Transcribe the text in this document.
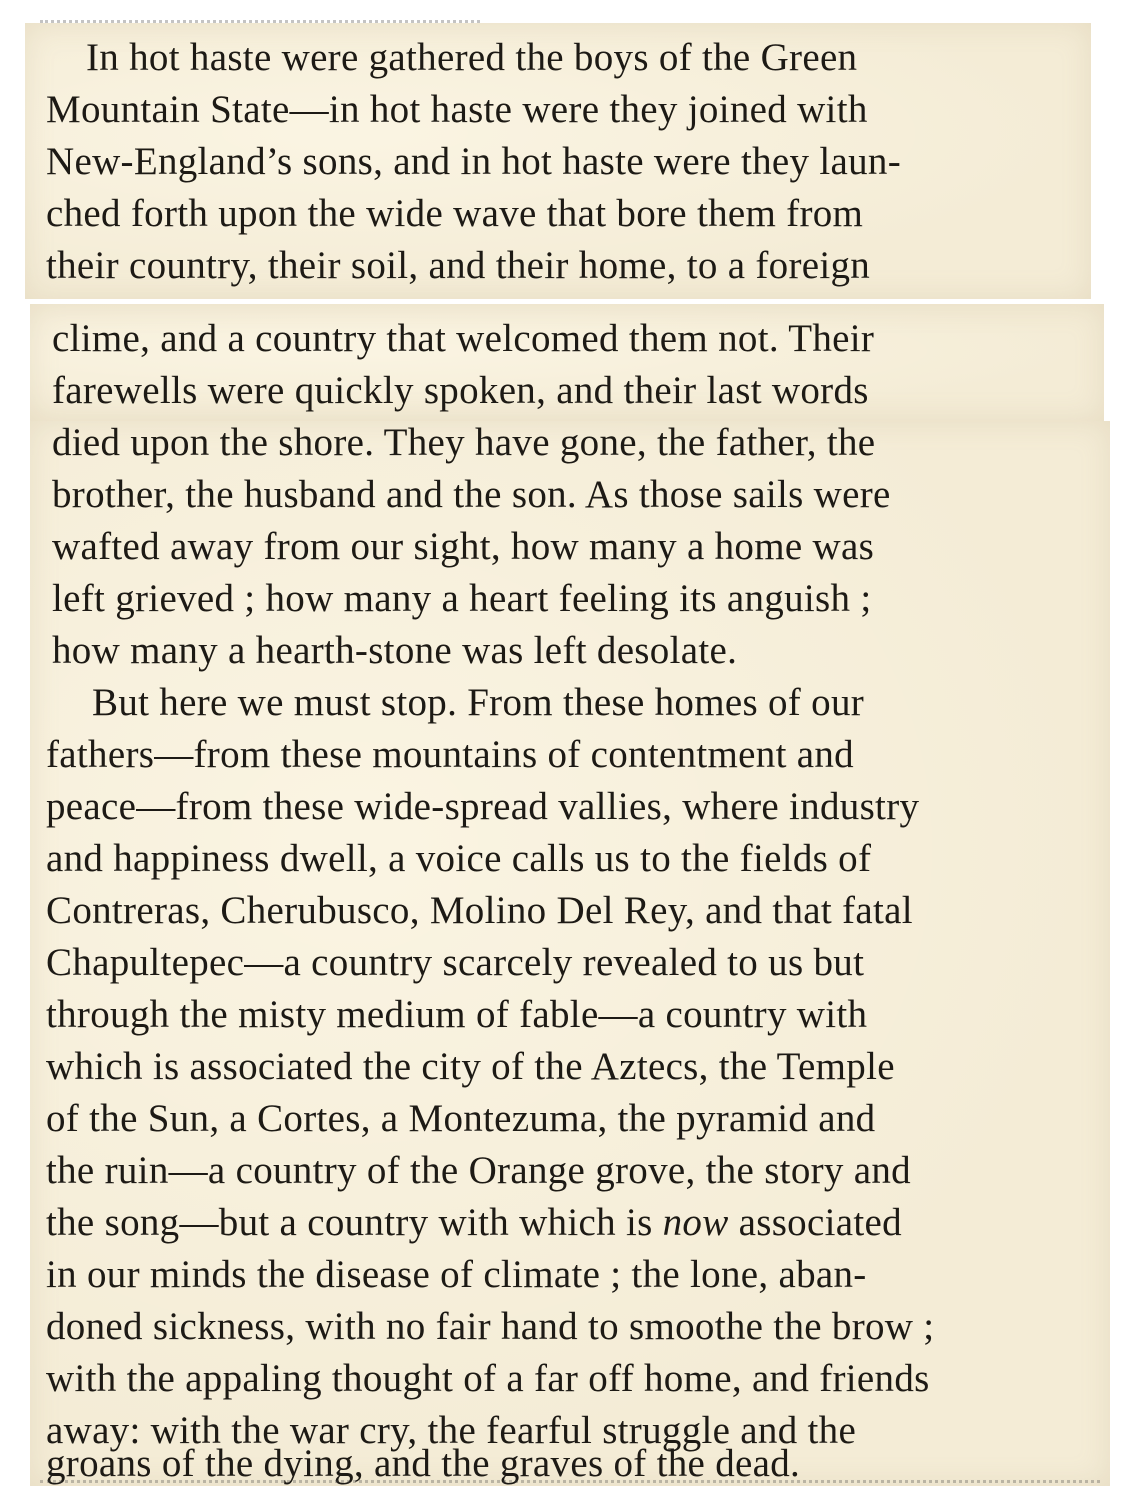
In hot haste were gathered the boys of the Green

Mountain State—in hot haste were they joined with

New-England’s sons, and in hot haste were they laun-

ched forth upon the wide wave that bore them from

their country, their soil, and their home, to a foreign

clime, and a country that welcomed them not. Their

farewells were quickly spoken, and their last words

died upon the shore. They have gone, the father, the

brother, the husband and the son. As those sails were

wafted away from our sight, how many a home was

left grieved ; how many a heart feeling its anguish ;

how many a hearth-stone was left desolate.

But here we must stop. From these homes of our

fathers—from these mountains of contentment and

peace—from these wide-spread vallies, where industry

and happiness dwell, a voice calls us to the fields of

Contreras, Cherubusco, Molino Del Rey, and that fatal

Chapultepec—a country scarcely revealed to us but

through the misty medium of fable—a country with

which is associated the city of the Aztecs, the Temple

of the Sun, a Cortes, a Montezuma, the pyramid and

the ruin—a country of the Orange grove, the story and

the song—but a country with which is now associated

in our minds the disease of climate ; the lone, aban-

doned sickness, with no fair hand to smoothe the brow ;

with the appaling thought of a far off home, and friends

away: with the war cry, the fearful struggle and the

groans of the dying, and the graves of the dead.
